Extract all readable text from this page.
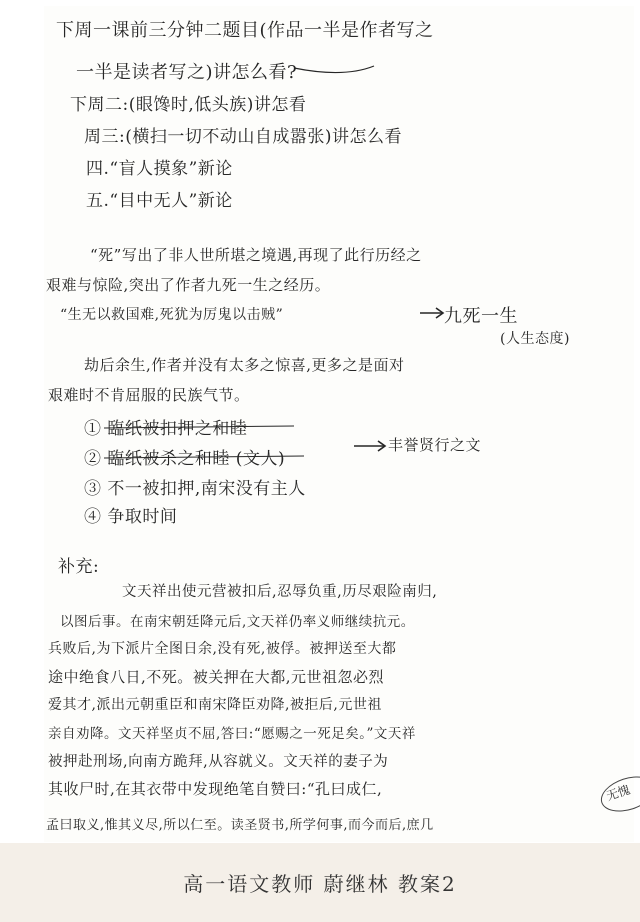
下周一课前三分钟二题目(作品一半是作者写之
一半是读者写之)讲怎么看?
下周二:(眼馋时,低头族)讲怎看
周三:(横扫一切不动山自成嚣张)讲怎么看
四.“盲人摸象”新论
五.“目中无人”新论
“死”写出了非人世所堪之境遇,再现了此行历经之
艰难与惊险,突出了作者九死一生之经历。
“生无以救国难,死犹为厉鬼以击贼”	九死一生
(人生态度)
劫后余生,作者并没有太多之惊喜,更多之是面对
艰难时不肯屈服的民族气节。
① 臨纸被扣押之和睦
② 臨纸被杀之和睦 (文人)
丰誉贤行之文
③ 不一被扣押,南宋没有主人
④ 争取时间
补充:
文天祥出使元营被扣后,忍辱负重,历尽艰险南归,
以图后事。在南宋朝廷降元后,文天祥仍率义师继续抗元。
兵败后,为下派片全图日余,没有死,被俘。被押送至大都
途中绝食八日,不死。被关押在大都,元世祖忽必烈
爱其才,派出元朝重臣和南宋降臣劝降,被拒后,元世祖
亲自劝降。文天祥坚贞不屈,答曰:“愿赐之一死足矣。”文天祥
被押赴刑场,向南方跪拜,从容就义。文天祥的妻子为
其收尸时,在其衣带中发现绝笔自赞曰:“孔曰成仁,
孟曰取义,惟其义尽,所以仁至。读圣贤书,所学何事,而今而后,庶几
无愧
高一语文教师 蔚继林 教案2
